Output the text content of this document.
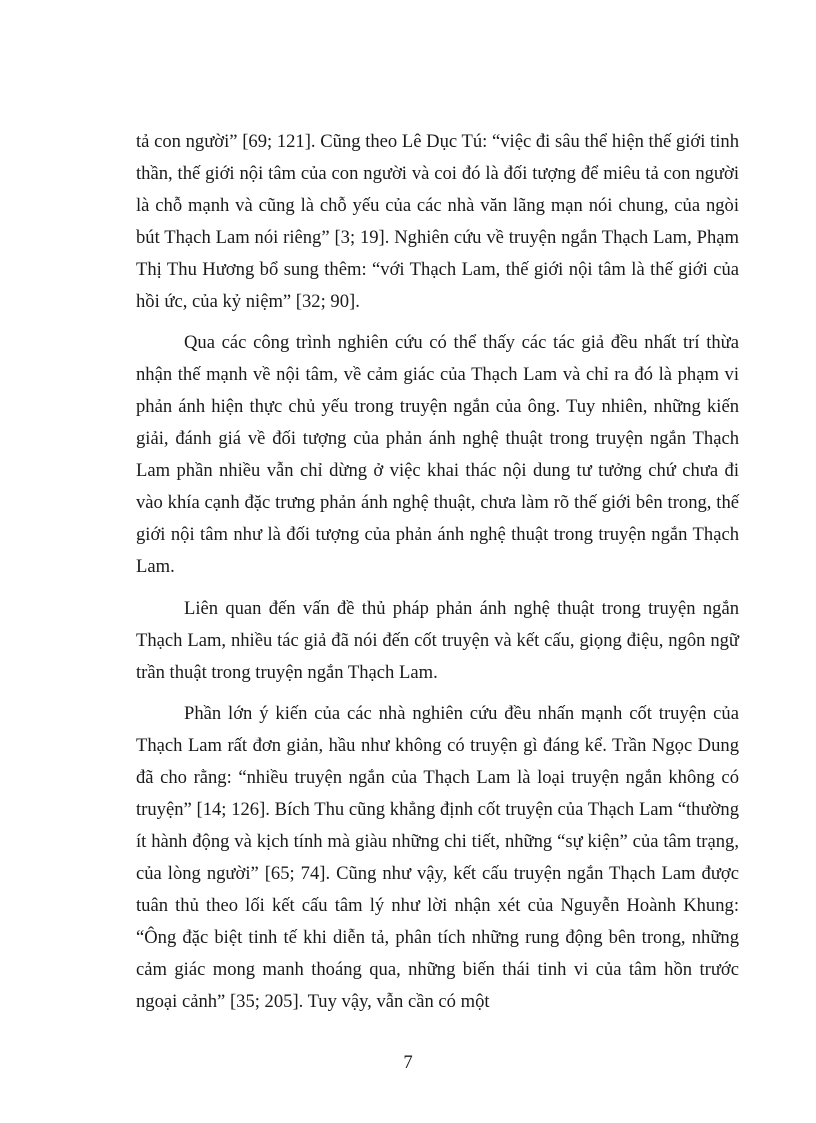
tả con người” [69; 121]. Cũng theo Lê Dục Tú: “việc đi sâu thể hiện thế giới tinh thần, thế giới nội tâm của con người và coi đó là đối tượng để miêu tả con người là chỗ mạnh và cũng là chỗ yếu của các nhà văn lãng mạn nói chung, của ngòi bút Thạch Lam nói riêng” [3; 19]. Nghiên cứu về truyện ngắn Thạch Lam, Phạm Thị Thu Hương bổ sung thêm: “với Thạch Lam, thế giới nội tâm là thế giới của hồi ức, của kỷ niệm” [32; 90].

Qua các công trình nghiên cứu có thể thấy các tác giả đều nhất trí thừa nhận thế mạnh về nội tâm, về cảm giác của Thạch Lam và chỉ ra đó là phạm vi phản ánh hiện thực chủ yếu trong truyện ngắn của ông. Tuy nhiên, những kiến giải, đánh giá về đối tượng của phản ánh nghệ thuật trong truyện ngắn Thạch Lam phần nhiều vẫn chỉ dừng ở việc khai thác nội dung tư tưởng chứ chưa đi vào khía cạnh đặc trưng phản ánh nghệ thuật, chưa làm rõ thế giới bên trong, thế giới nội tâm như là đối tượng của phản ánh nghệ thuật trong truyện ngắn Thạch Lam.

Liên quan đến vấn đề thủ pháp phản ánh nghệ thuật trong truyện ngắn Thạch Lam, nhiều tác giả đã nói đến cốt truyện và kết cấu, giọng điệu, ngôn ngữ trần thuật trong truyện ngắn Thạch Lam.

Phần lớn ý kiến của các nhà nghiên cứu đều nhấn mạnh cốt truyện của Thạch Lam rất đơn giản, hầu như không có truyện gì đáng kể. Trần Ngọc Dung đã cho rằng: “nhiều truyện ngắn của Thạch Lam là loại truyện ngắn không có truyện” [14; 126]. Bích Thu cũng khẳng định cốt truyện của Thạch Lam “thường ít hành động và kịch tính mà giàu những chi tiết, những “sự kiện” của tâm trạng, của lòng người” [65; 74]. Cũng như vậy, kết cấu truyện ngắn Thạch Lam được tuân thủ theo lối kết cấu tâm lý như lời nhận xét của Nguyễn Hoành Khung: “Ông đặc biệt tinh tế khi diễn tả, phân tích những rung động bên trong, những cảm giác mong manh thoáng qua, những biến thái tinh vi của tâm hồn trước ngoại cảnh” [35; 205]. Tuy vậy, vẫn cần có một

7
